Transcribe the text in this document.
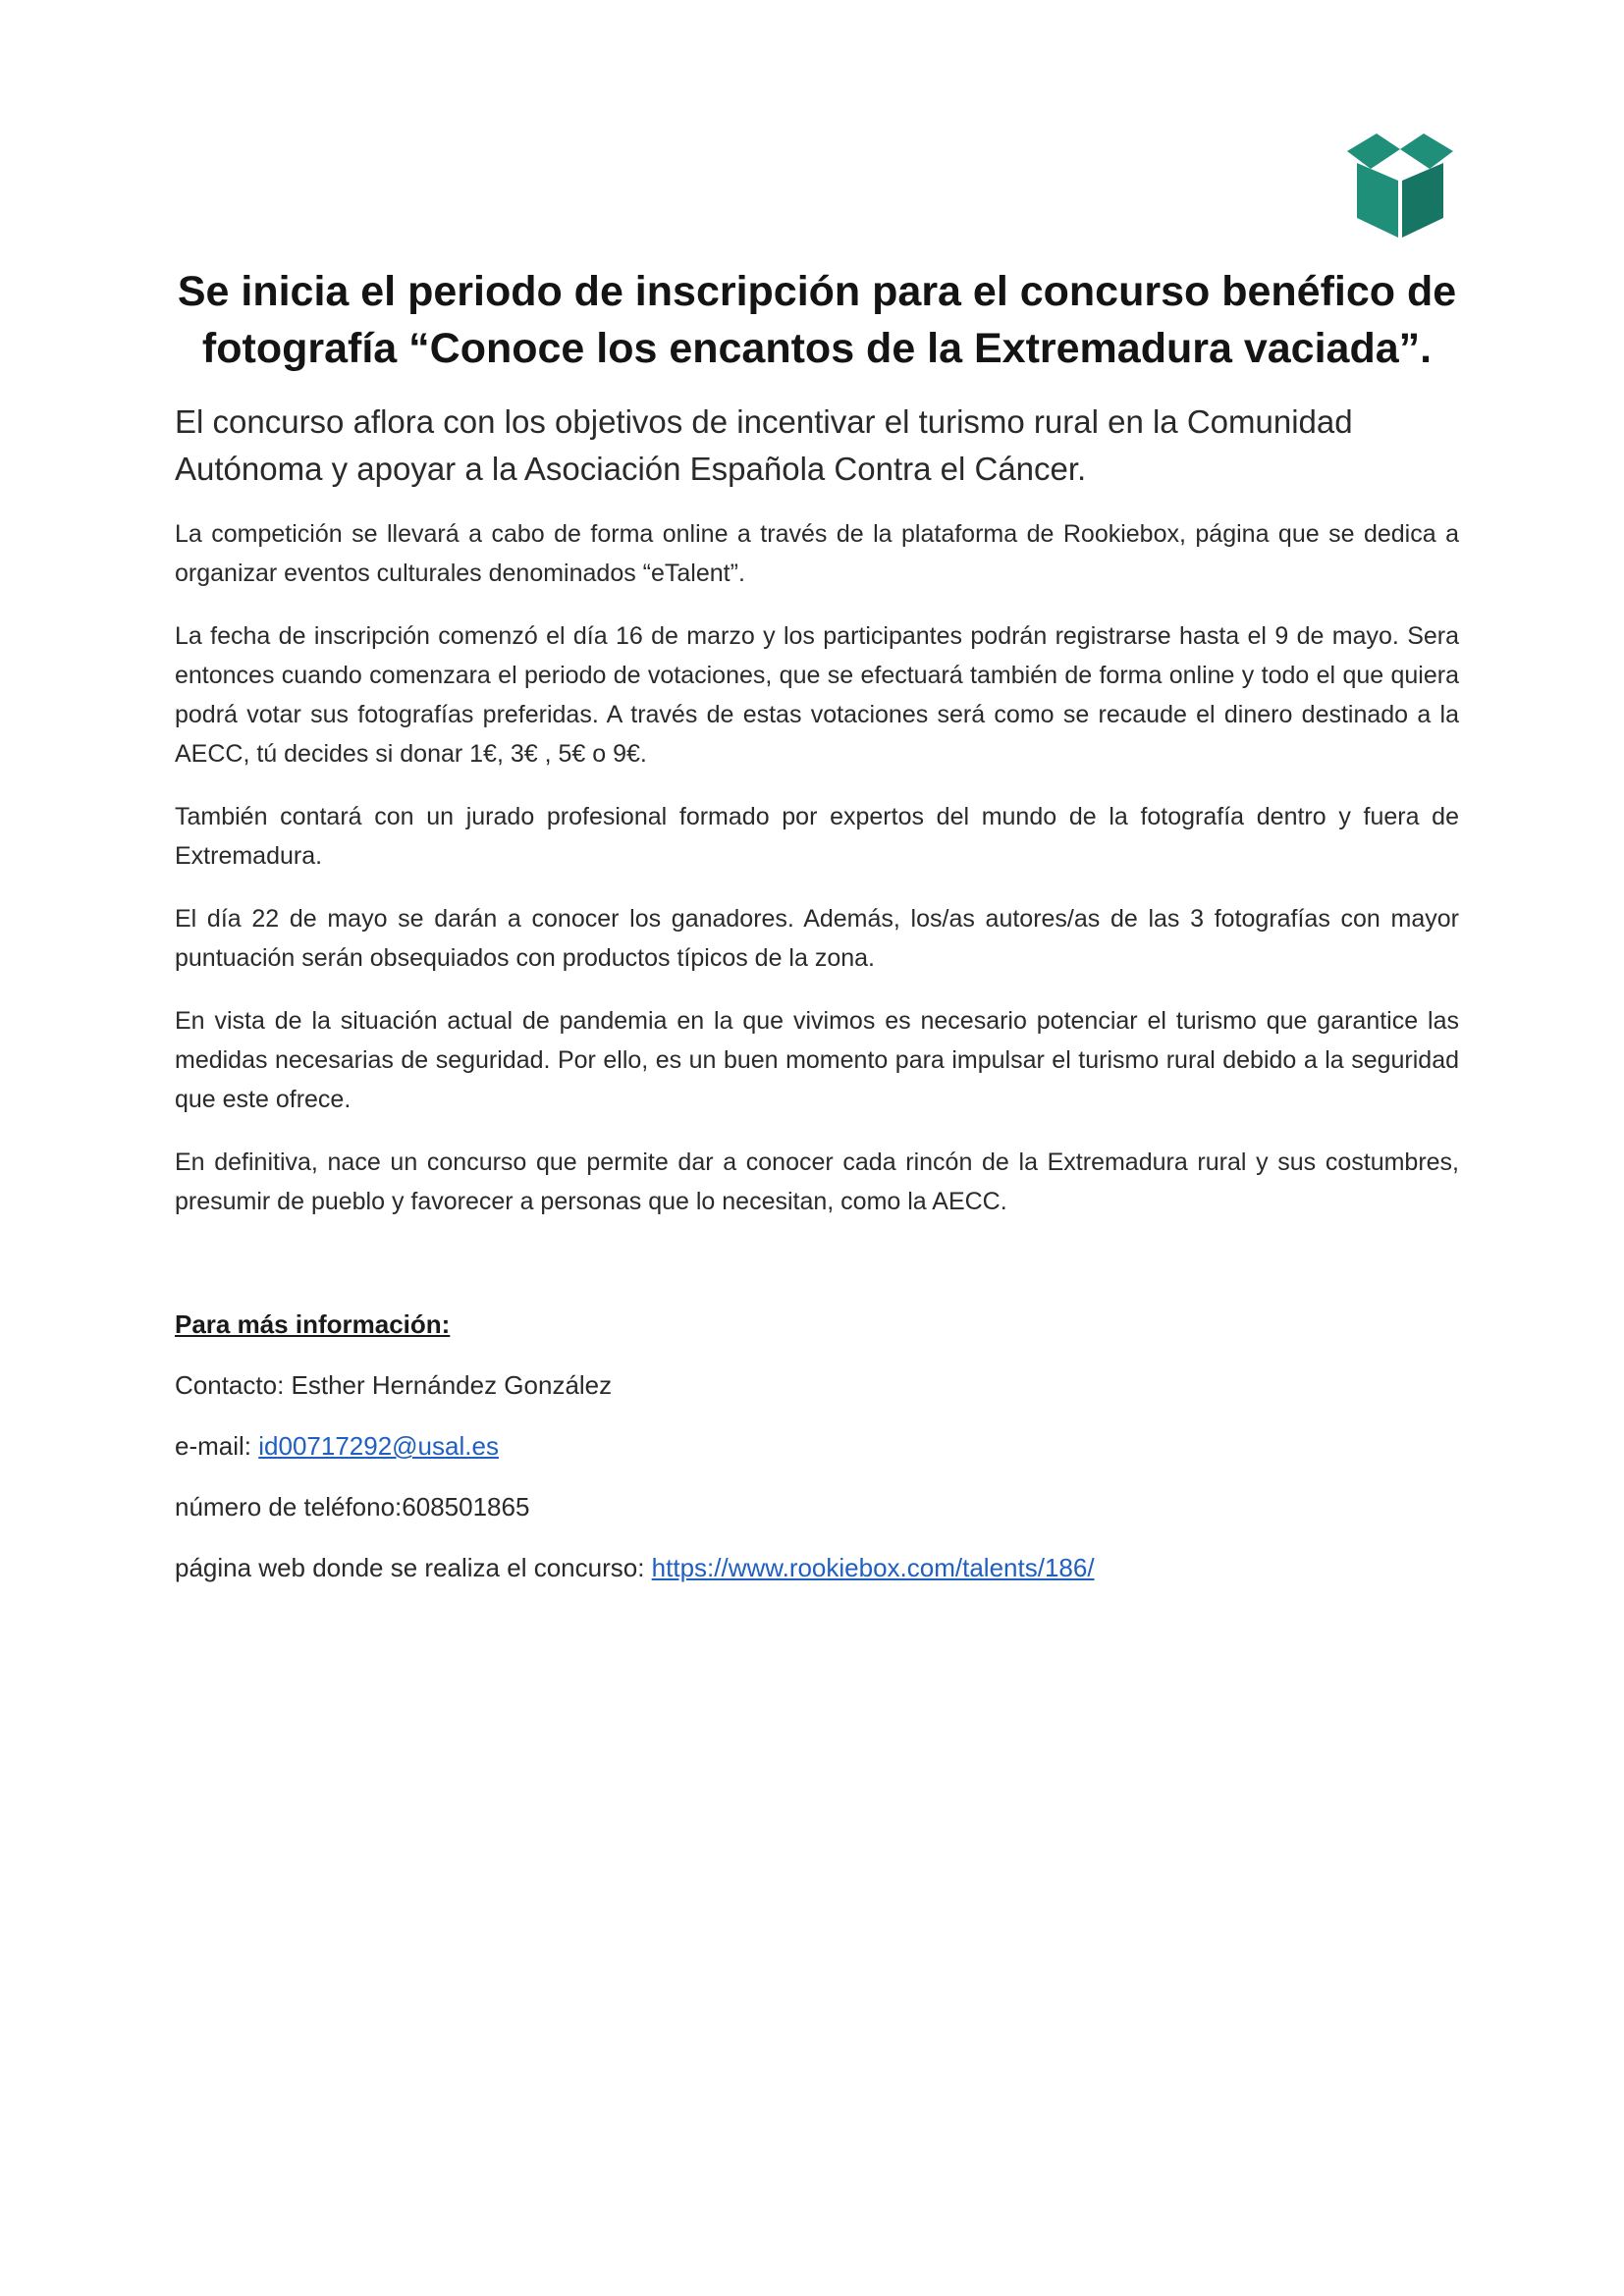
Se inicia el periodo de inscripción para el concurso benéfico de fotografía “Conoce los encantos de la Extremadura vaciada”.

El concurso aflora con los objetivos de incentivar el turismo rural en la Comunidad Autónoma y apoyar a la Asociación Española Contra el Cáncer.

La competición se llevará a cabo de forma online a través de la plataforma de Rookiebox, página que se dedica a organizar eventos culturales denominados “eTalent”.

La fecha de inscripción comenzó el día 16 de marzo y los participantes podrán registrarse hasta el 9 de mayo. Sera entonces cuando comenzara el periodo de votaciones, que se efectuará también de forma online y todo el que quiera podrá votar sus fotografías preferidas. A través de estas votaciones será como se recaude el dinero destinado a la AECC, tú decides si donar 1€, 3€ , 5€ o 9€.

También contará con un jurado profesional formado por expertos del mundo de la fotografía dentro y fuera de Extremadura.

El día 22 de mayo se darán a conocer los ganadores. Además, los/as autores/as de las 3 fotografías con mayor puntuación serán obsequiados con productos típicos de la zona.

En vista de la situación actual de pandemia en la que vivimos es necesario potenciar el turismo que garantice las medidas necesarias de seguridad. Por ello, es un buen momento para impulsar el turismo rural debido a la seguridad que este ofrece.

En definitiva, nace un concurso que permite dar a conocer cada rincón de la Extremadura rural y sus costumbres, presumir de pueblo y favorecer a personas que lo necesitan, como la AECC.

Para más información:

Contacto: Esther Hernández González

e-mail: id00717292@usal.es

número de teléfono:608501865

página web donde se realiza el concurso: https://www.rookiebox.com/talents/186/
